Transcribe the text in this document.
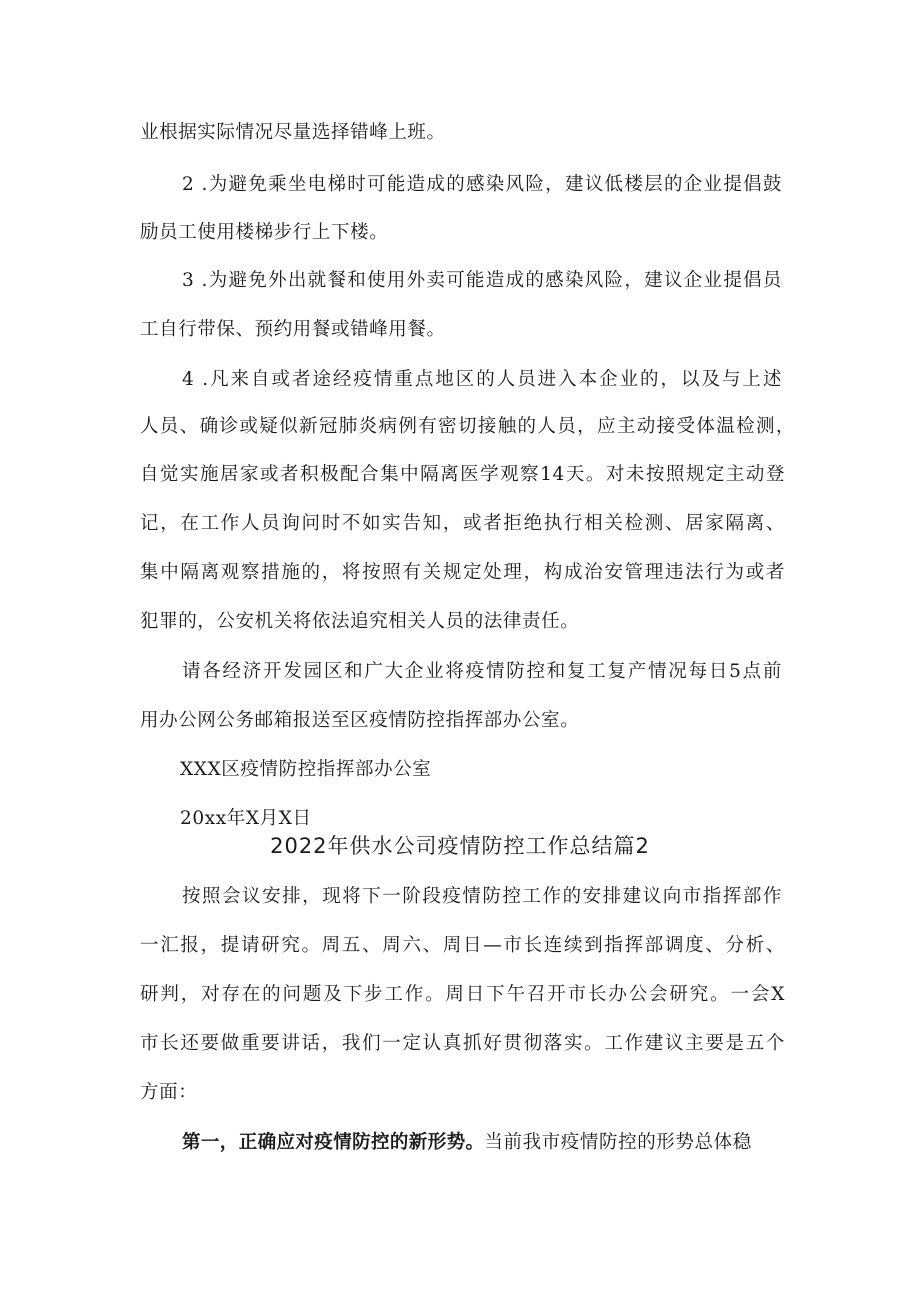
业根据实际情况尽量选择错峰上班。
2 .为避免乘坐电梯时可能造成的感染风险，建议低楼层的企业提倡鼓
励员工使用楼梯步行上下楼。
3 .为避免外出就餐和使用外卖可能造成的感染风险，建议企业提倡员
工自行带保、预约用餐或错峰用餐。
4 .凡来自或者途经疫情重点地区的人员进入本企业的，以及与上述
人员、确诊或疑似新冠肺炎病例有密切接触的人员，应主动接受体温检测，
自觉实施居家或者积极配合集中隔离医学观察14天。对未按照规定主动登
记，在工作人员询问时不如实告知，或者拒绝执行相关检测、居家隔离、
集中隔离观察措施的，将按照有关规定处理，构成治安管理违法行为或者
犯罪的，公安机关将依法追究相关人员的法律责任。
请各经济开发园区和广大企业将疫情防控和复工复产情况每日5点前
用办公网公务邮箱报送至区疫情防控指挥部办公室。
XXX区疫情防控指挥部办公室
20xx年X月X日
2022年供水公司疫情防控工作总结篇2
按照会议安排，现将下一阶段疫情防控工作的安排建议向市指挥部作
一汇报，提请研究。周五、周六、周日—市长连续到指挥部调度、分析、
研判，对存在的问题及下步工作。周日下午召开市长办公会研究。一会X
市长还要做重要讲话，我们一定认真抓好贯彻落实。工作建议主要是五个
方面：
第一，正确应对疫情防控的新形势。当前我市疫情防控的形势总体稳
